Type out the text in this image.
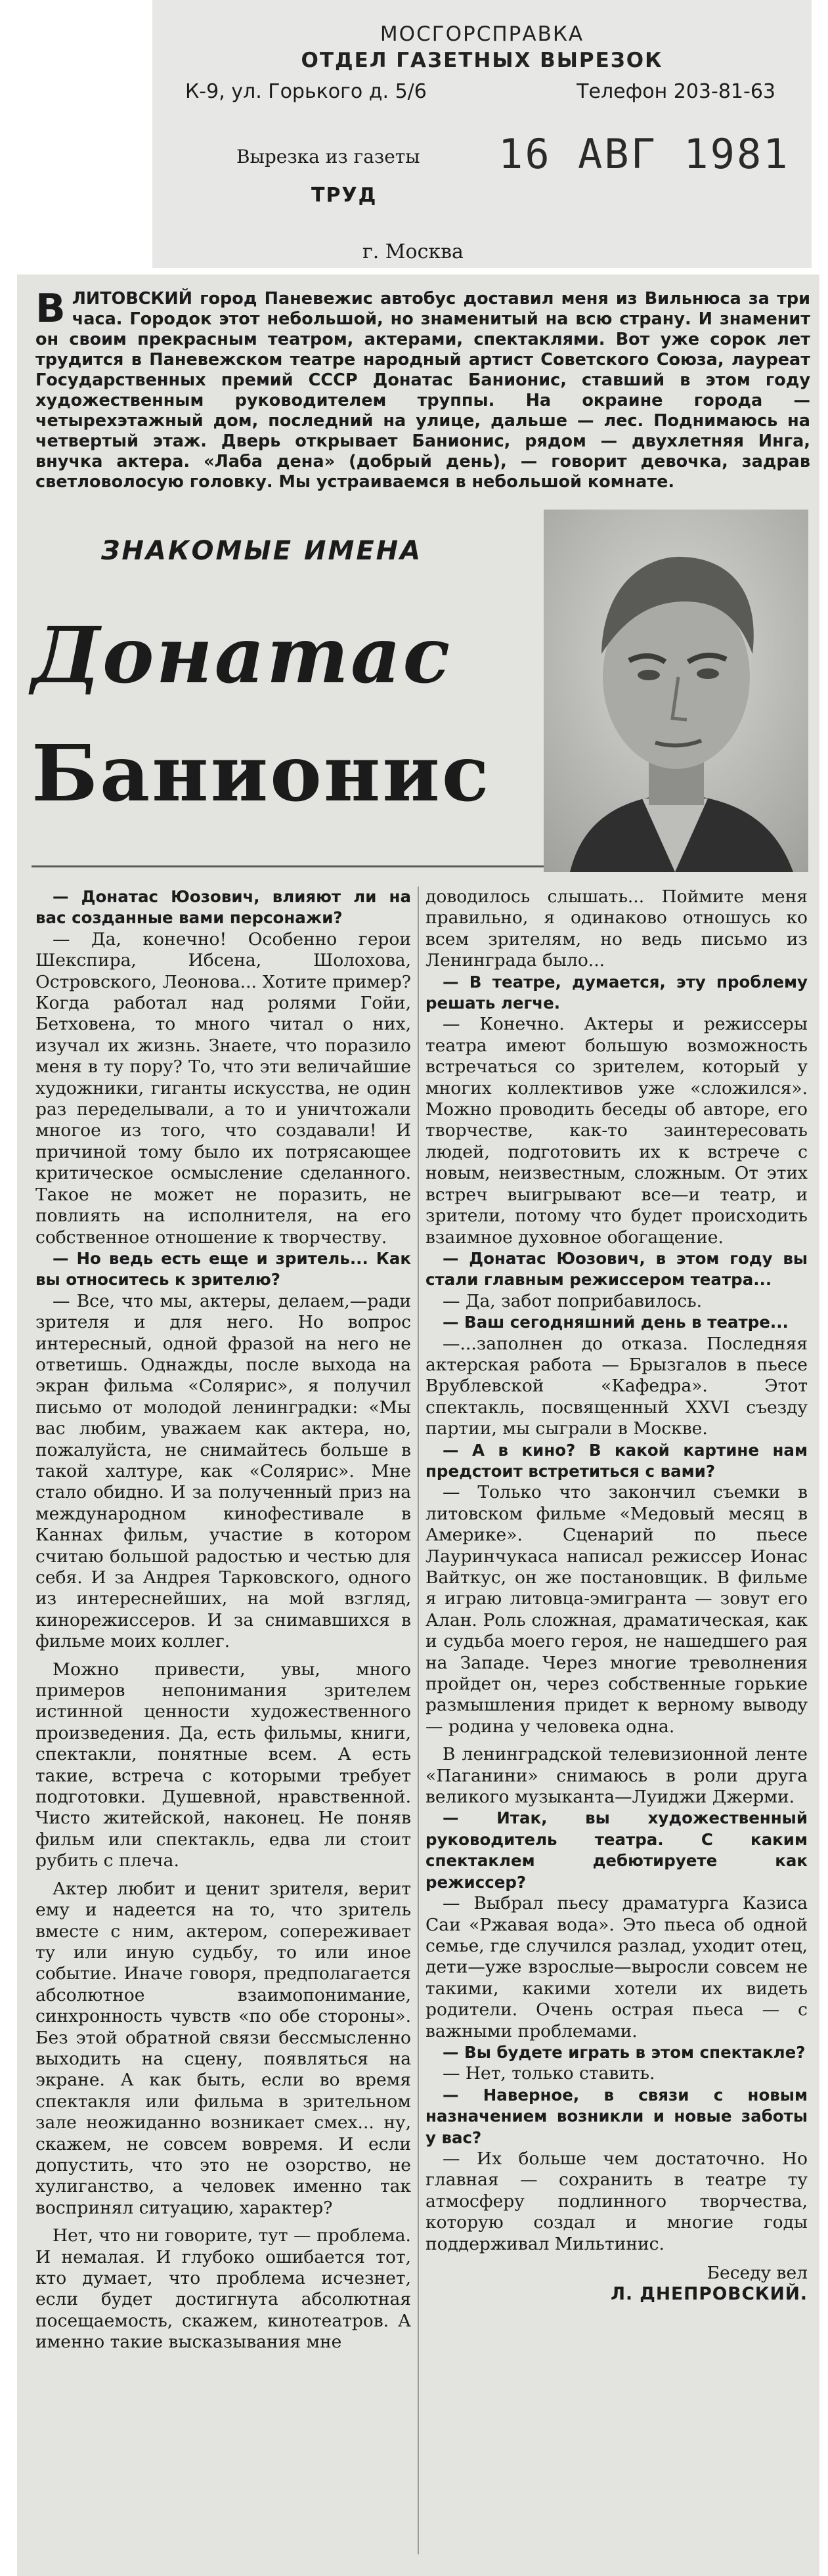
МОСГОРСПРАВКА
ОТДЕЛ ГАЗЕТНЫХ ВЫРЕЗОК
К-9, ул. Горького д. 5/6	Телефон 203-81-63
Вырезка из газеты 16 АВГ 1981
ТРУД
г. Москва
В ЛИТОВСКИЙ город Паневежис автобус доставил меня из Вильнюса за три часа. Городок этот небольшой, но знаменитый на всю страну. И знаменит он своим прекрасным театром, актерами, спектаклями. Вот уже сорок лет трудится в Паневежском театре народный артист Советского Союза, лауреат Государственных премий СССР Донатас Банионис, ставший в этом году художественным руководителем труппы. На окраине города — четырехэтажный дом, последний на улице, дальше — лес. Поднимаюсь на четвертый этаж. Дверь открывает Банионис, рядом — двухлетняя Инга, внучка актера. «Лаба дена» (добрый день), — говорит девочка, задрав светловолосую головку. Мы устраиваемся в небольшой комнате.
ЗНАКОМЫЕ ИМЕНА
Донатас
Банионис

— Донатас Юозович, влияют ли на вас созданные вами персонажи?

— Да, конечно! Особенно герои Шекспира, Ибсена, Шолохова, Островского, Леонова... Хотите пример? Когда работал над ролями Гойи, Бетховена, то много читал о них, изучал их жизнь. Знаете, что поразило меня в ту пору? То, что эти величайшие художники, гиганты искусства, не один раз переделывали, а то и уничтожали многое из того, что создавали! И причиной тому было их потрясающее критическое осмысление сделанного. Такое не может не поразить, не повлиять на исполнителя, на его собственное отношение к творчеству.

— Но ведь есть еще и зритель... Как вы относитесь к зрителю?

— Все, что мы, актеры, делаем,—ради зрителя и для него. Но вопрос интересный, одной фразой на него не ответишь. Однажды, после выхода на экран фильма «Солярис», я получил письмо от молодой ленинградки: «Мы вас любим, уважаем как актера, но, пожалуйста, не снимайтесь больше в такой халтуре, как «Солярис». Мне стало обидно. И за полученный приз на международном кинофестивале в Каннах фильм, участие в котором считаю большой радостью и честью для себя. И за Андрея Тарковского, одного из интереснейших, на мой взгляд, кинорежиссеров. И за снимавшихся в фильме моих коллег.

Можно привести, увы, много примеров непонимания зрителем истинной ценности художественного произведения. Да, есть фильмы, книги, спектакли, понятные всем. А есть такие, встреча с которыми требует подготовки. Душевной, нравственной. Чисто житейской, наконец. Не поняв фильм или спектакль, едва ли стоит рубить с плеча.

Актер любит и ценит зрителя, верит ему и надеется на то, что зритель вместе с ним, актером, сопереживает ту или иную судьбу, то или иное событие. Иначе говоря, предполагается абсолютное взаимопонимание, синхронность чувств «по обе стороны». Без этой обратной связи бессмысленно выходить на сцену, появляться на экране. А как быть, если во время спектакля или фильма в зрительном зале неожиданно возникает смех... ну, скажем, не совсем вовремя. И если допустить, что это не озорство, не хулиганство, а человек именно так воспринял ситуацию, характер?

Нет, что ни говорите, тут — проблема. И немалая. И глубоко ошибается тот, кто думает, что проблема исчезнет, если будет достигнута абсолютная посещаемость, скажем, кинотеатров. А именно такие высказывания мне

доводилось слышать... Поймите меня правильно, я одинаково отношусь ко всем зрителям, но ведь письмо из Ленинграда было...

— В театре, думается, эту проблему решать легче.

— Конечно. Актеры и режиссеры театра имеют большую возможность встречаться со зрителем, который у многих коллективов уже «сложился». Можно проводить беседы об авторе, его творчестве, как-то заинтересовать людей, подготовить их к встрече с новым, неизвестным, сложным. От этих встреч выигрывают все—и театр, и зрители, потому что будет происходить взаимное духовное обогащение.

— Донатас Юозович, в этом году вы стали главным режиссером театра...

— Да, забот поприбавилось.

— Ваш сегодняшний день в театре...

—...заполнен до отказа. Последняя актерская работа — Брызгалов в пьесе Врублевской «Кафедра». Этот спектакль, посвященный XXVI съезду партии, мы сыграли в Москве.

— А в кино? В какой картине нам предстоит встретиться с вами?

— Только что закончил съемки в литовском фильме «Медовый месяц в Америке». Сценарий по пьесе Лауринчукаса написал режиссер Ионас Вайткус, он же постановщик. В фильме я играю литовца-эмигранта — зовут его Алан. Роль сложная, драматическая, как и судьба моего героя, не нашедшего рая на Западе. Через многие треволнения пройдет он, через собственные горькие размышления придет к верному выводу — родина у человека одна.

В ленинградской телевизионной ленте «Паганини» снимаюсь в роли друга великого музыканта—Луиджи Джерми.

— Итак, вы художественный руководитель театра. С каким спектаклем дебютируете как режиссер?

— Выбрал пьесу драматурга Казиса Саи «Ржавая вода». Это пьеса об одной семье, где случился разлад, уходит отец, дети—уже взрослые—выросли совсем не такими, какими хотели их видеть родители. Очень острая пьеса — с важными проблемами.

— Вы будете играть в этом спектакле?

— Нет, только ставить.

— Наверное, в связи с новым назначением возникли и новые заботы у вас?

— Их больше чем достаточно. Но главная — сохранить в театре ту атмосферу подлинного творчества, которую создал и многие годы поддерживал Мильтинис.

Беседу вел
Л. ДНЕПРОВСКИЙ.
